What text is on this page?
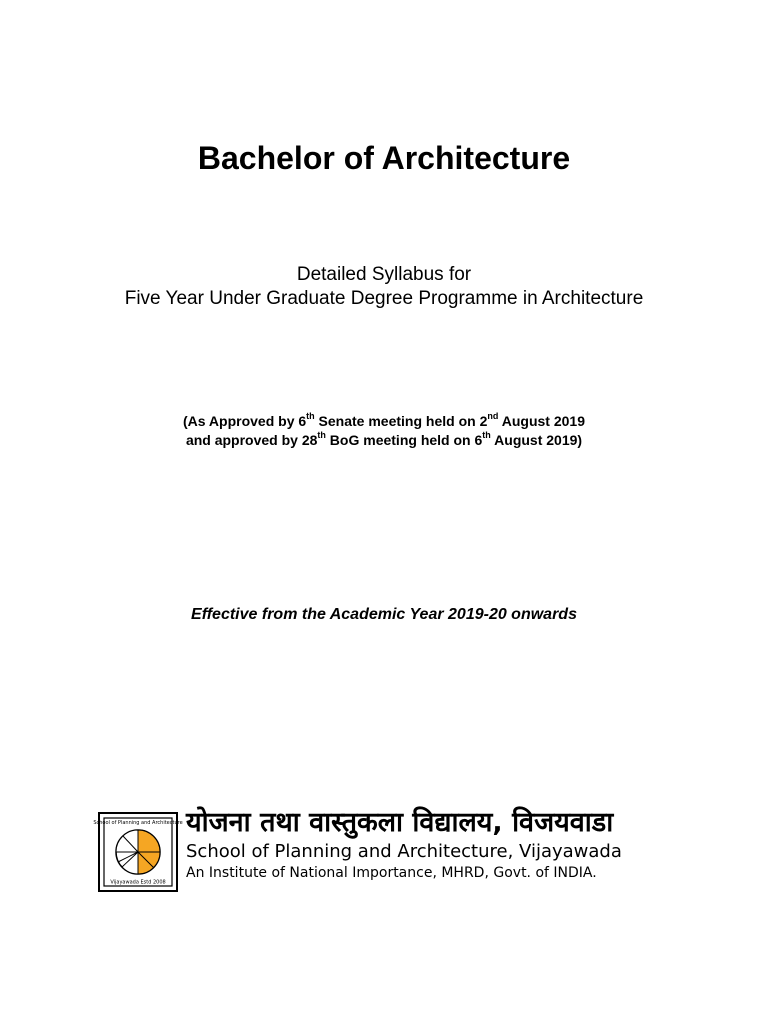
Bachelor of Architecture
Detailed Syllabus for
Five Year Under Graduate Degree Programme in Architecture
(As Approved by 6th Senate meeting held on 2nd August 2019
and approved by 28th BoG meeting held on 6th August 2019)
Effective from the Academic Year 2019-20 onwards
School of Planning and Architecture
Vijayawada Estd 2008
योजना तथा वास्तुकला विद्यालय, विजयवाडा
School of Planning and Architecture, Vijayawada
An Institute of National Importance, MHRD, Govt. of INDIA.
